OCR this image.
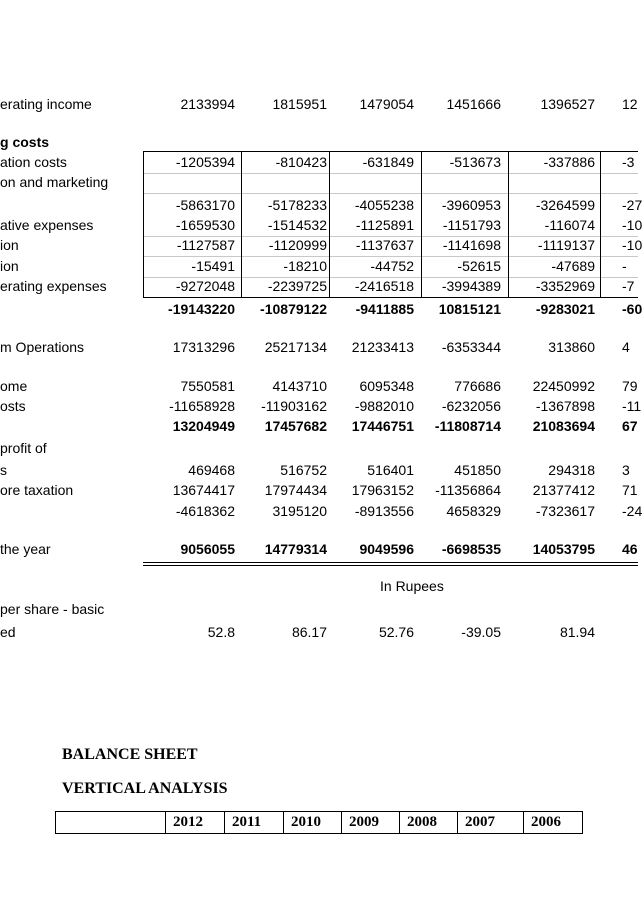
erating income	2133994	1815951 1479054 1451666	1396527 12
g costs
ation costs	-1205394	-810423	-631849	-513673	-337886 -3
on and marketing
-5863170 -5178233 -4055238 -3960953 -3264599 -27
ative expenses	-1659530 -1514532 -1125891 -1151793	-116074 -10
ion	-1127587 -1120999 -1137637 -1141698	-1119137 -10
ion	-15491	-18210	-44752	-52615	-47689 -
erating expenses	-9272048 -2239725 -2416518 -3994389 -3352969 -7
-19143220 -10879122 -9411885 10815121 -9283021 -60
m Operations	17313296 25217134 21233413 -6353344	313860 4
ome	7550581	4143710 6095348	776686 22450992 79
osts	-11658928 -11903162 -9882010 -6232056 -1367898 -11
13204949 17457682 17446751 -11808714 21083694 67
profit of
s	469468	516752	516401	451850	294318 3
ore taxation	13674417 17974434 17963152 -11356864 21377412 71
-4618362	3195120 -8913556 4658329 -7323617 -24
the year	9056055 14779314 9049596 -6698535 14053795 46
per share - basic
ed	52.8	86.17	52.76	-39.05	81.94
In Rupees
BALANCE SHEET
VERTICAL ANALYSIS
2012	2011	2010	2009	2008	2007	2006
